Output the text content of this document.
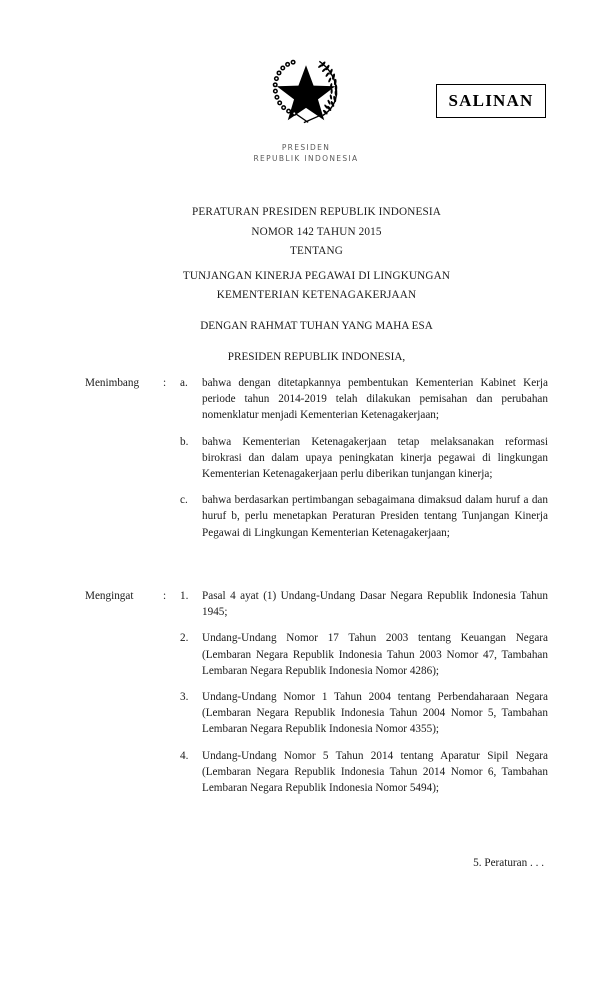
PRESIDEN
REPUBLIK INDONESIA
SALINAN
PERATURAN PRESIDEN REPUBLIK INDONESIA
NOMOR 142 TAHUN 2015
TENTANG
TUNJANGAN KINERJA PEGAWAI DI LINGKUNGAN
KEMENTERIAN KETENAGAKERJAAN
DENGAN RAHMAT TUHAN YANG MAHA ESA
PRESIDEN REPUBLIK INDONESIA,
Menimbang	:	a.	bahwa dengan ditetapkannya pembentukan Kementerian Kabinet Kerja periode tahun 2014-2019 telah dilakukan pemisahan dan perubahan nomenklatur menjadi Kementerian Ketenagakerjaan;
b.	bahwa Kementerian Ketenagakerjaan tetap melaksanakan reformasi birokrasi dan dalam upaya peningkatan kinerja pegawai di lingkungan Kementerian Ketenagakerjaan perlu diberikan tunjangan kinerja;
c.	bahwa berdasarkan pertimbangan sebagaimana dimaksud dalam huruf a dan huruf b, perlu menetapkan Peraturan Presiden tentang Tunjangan Kinerja Pegawai di Lingkungan Kementerian Ketenagakerjaan;
Mengingat	:	1.	Pasal 4 ayat (1) Undang-Undang Dasar Negara Republik Indonesia Tahun 1945;
2.	Undang-Undang Nomor 17 Tahun 2003 tentang Keuangan Negara (Lembaran Negara Republik Indonesia Tahun 2003 Nomor 47, Tambahan Lembaran Negara Republik Indonesia Nomor 4286);
3.	Undang-Undang Nomor 1 Tahun 2004 tentang Perbendaharaan Negara (Lembaran Negara Republik Indonesia Tahun 2004 Nomor 5, Tambahan Lembaran Negara Republik Indonesia Nomor 4355);
4.	Undang-Undang Nomor 5 Tahun 2014 tentang Aparatur Sipil Negara (Lembaran Negara Republik Indonesia Tahun 2014 Nomor 6, Tambahan Lembaran Negara Republik Indonesia Nomor 5494);
5. Peraturan . . .
